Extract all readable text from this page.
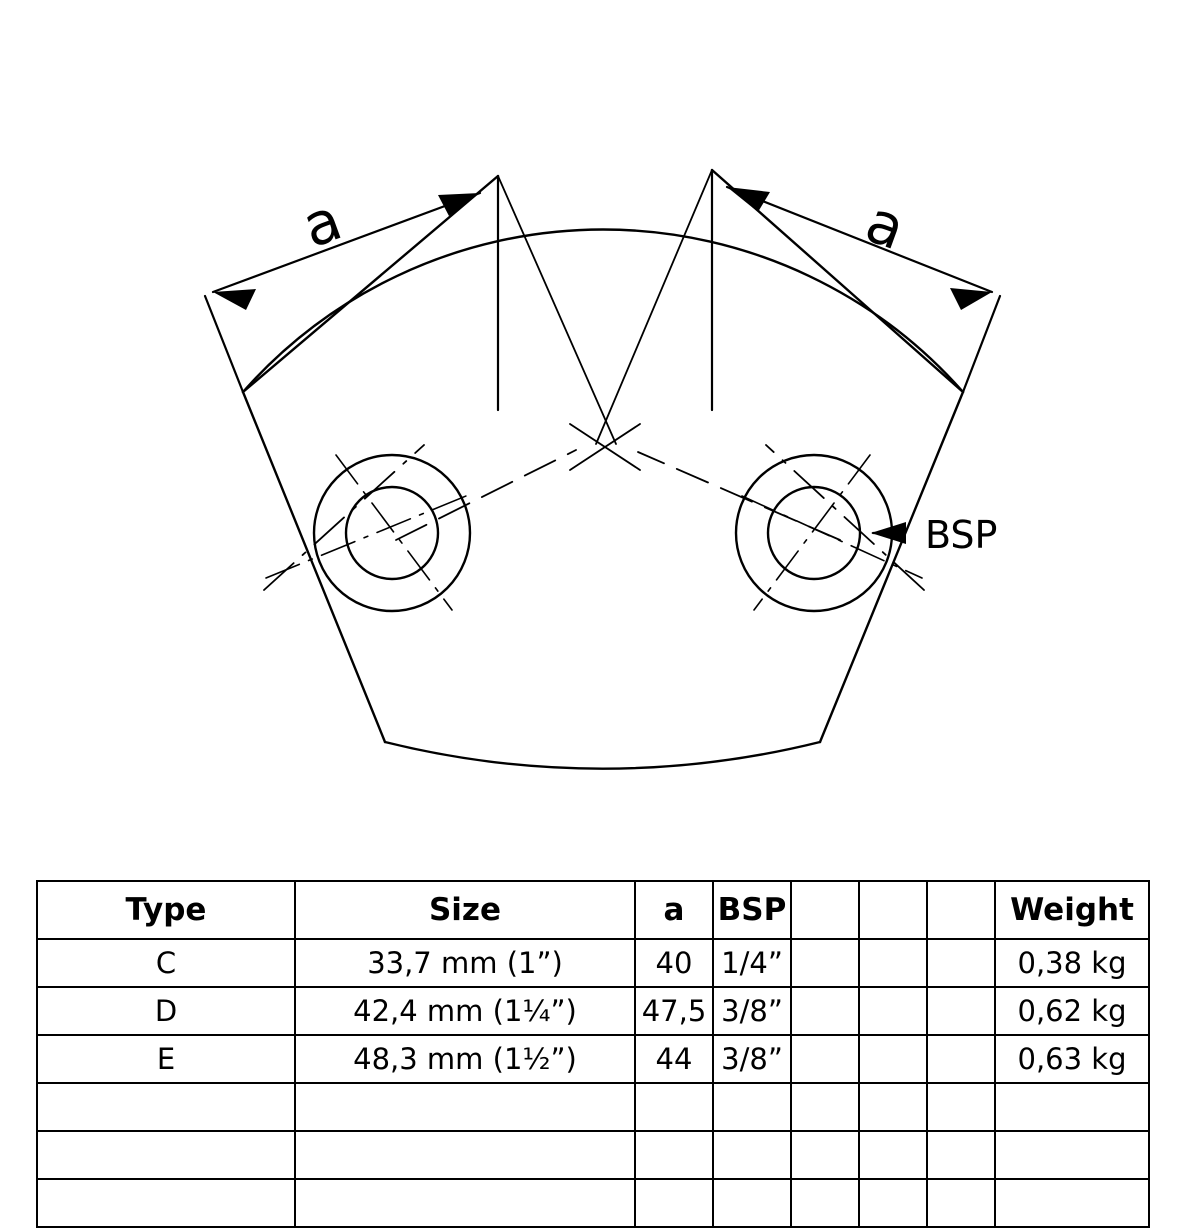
a	a
BSP
Type	Size	a	BSP				Weight
C	33,7 mm (1”)	40	1/4”				0,38 kg
D	42,4 mm (1¼”)	47,5	3/8”				0,62 kg
E	48,3 mm (1½”)	44	3/8”				0,63 kg
